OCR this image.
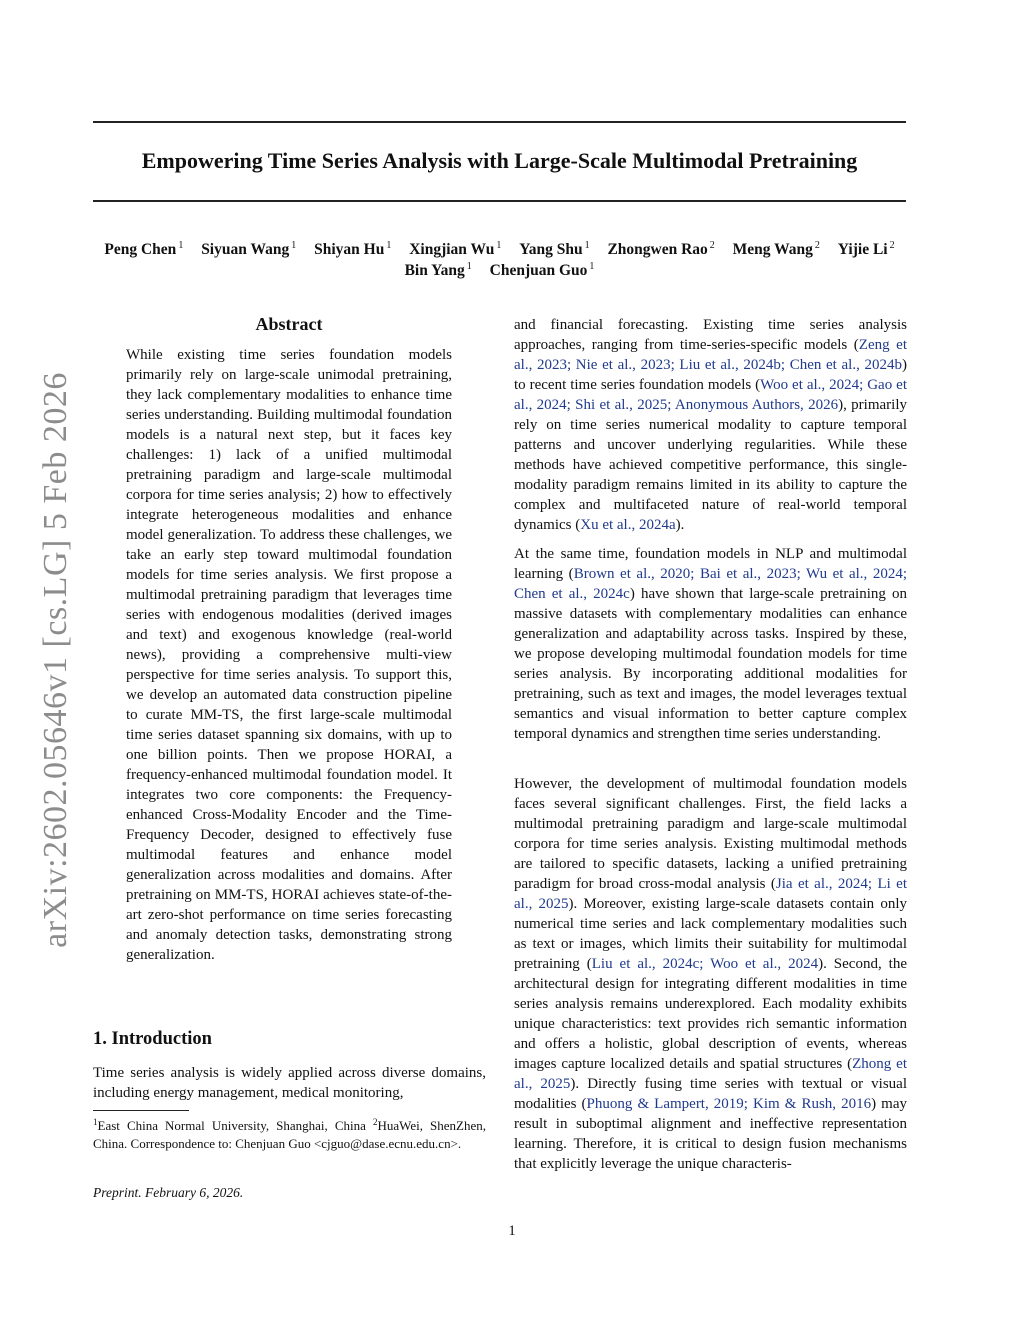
Empowering Time Series Analysis with Large-Scale Multimodal Pretraining
Peng Chen $^1$ Siyuan Wang $^1$ Shiyan Hu $^1$ Xingjian Wu $^1$ Yang Shu $^1$ Zhongwen Rao $^2$ Meng Wang $^2$ Yijie Li $^2$
Bin Yang $^1$ Chenjuan Guo $^1$
arXiv:2602.05646v1 [cs.LG] 5 Feb 2026
Abstract

While existing time series foundation models primarily rely on large-scale unimodal pretraining, they lack complementary modalities to enhance time series understanding. Building multimodal foundation models is a natural next step, but it faces key challenges: 1) lack of a unified multimodal pretraining paradigm and large-scale multimodal corpora for time series analysis; 2) how to effectively integrate heterogeneous modalities and enhance model generalization. To address these challenges, we take an early step toward multimodal foundation models for time series analysis. We first propose a multimodal pretraining paradigm that leverages time series with endogenous modalities (derived images and text) and exogenous knowledge (real-world news), providing a comprehensive multi-view perspective for time series analysis. To support this, we develop an automated data construction pipeline to curate MM-TS, the first large-scale multimodal time series dataset spanning six domains, with up to one billion points. Then we propose HORAI, a frequency-enhanced multimodal foundation model. It integrates two core components: the Frequency-enhanced Cross-Modality Encoder and the Time-Frequency Decoder, designed to effectively fuse multimodal features and enhance model generalization across modalities and domains. After pretraining on MM-TS, HORAI achieves state-of-the-art zero-shot performance on time series forecasting and anomaly detection tasks, demonstrating strong generalization.

1. Introduction

Time series analysis is widely applied across diverse domains, including energy management, medical monitoring,

$^1$East China Normal University, Shanghai, China $^2$HuaWei, ShenZhen, China. Correspondence to: Chenjuan Guo <cjguo@dase.ecnu.edu.cn>.

Preprint. February 6, 2026.

and financial forecasting. Existing time series analysis approaches, ranging from time-series-specific models (Zeng et al., 2023; Nie et al., 2023; Liu et al., 2024b; Chen et al., 2024b) to recent time series foundation models (Woo et al., 2024; Gao et al., 2024; Shi et al., 2025; Anonymous Authors, 2026), primarily rely on time series numerical modality to capture temporal patterns and uncover underlying regularities. While these methods have achieved competitive performance, this single-modality paradigm remains limited in its ability to capture the complex and multifaceted nature of real-world temporal dynamics (Xu et al., 2024a).

At the same time, foundation models in NLP and multimodal learning (Brown et al., 2020; Bai et al., 2023; Wu et al., 2024; Chen et al., 2024c) have shown that large-scale pretraining on massive datasets with complementary modalities can enhance generalization and adaptability across tasks. Inspired by these, we propose developing multimodal foundation models for time series analysis. By incorporating additional modalities for pretraining, such as text and images, the model leverages textual semantics and visual information to better capture complex temporal dynamics and strengthen time series understanding.

However, the development of multimodal foundation models faces several significant challenges. First, the field lacks a multimodal pretraining paradigm and large-scale multimodal corpora for time series analysis. Existing multimodal methods are tailored to specific datasets, lacking a unified pretraining paradigm for broad cross-modal analysis (Jia et al., 2024; Li et al., 2025). Moreover, existing large-scale datasets contain only numerical time series and lack complementary modalities such as text or images, which limits their suitability for multimodal pretraining (Liu et al., 2024c; Woo et al., 2024). Second, the architectural design for integrating different modalities in time series analysis remains underexplored. Each modality exhibits unique characteristics: text provides rich semantic information and offers a holistic, global description of events, whereas images capture localized details and spatial structures (Zhong et al., 2025). Directly fusing time series with textual or visual modalities (Phuong & Lampert, 2019; Kim & Rush, 2016) may result in suboptimal alignment and ineffective representation learning. Therefore, it is critical to design fusion mechanisms that explicitly leverage the unique characteris-

1
